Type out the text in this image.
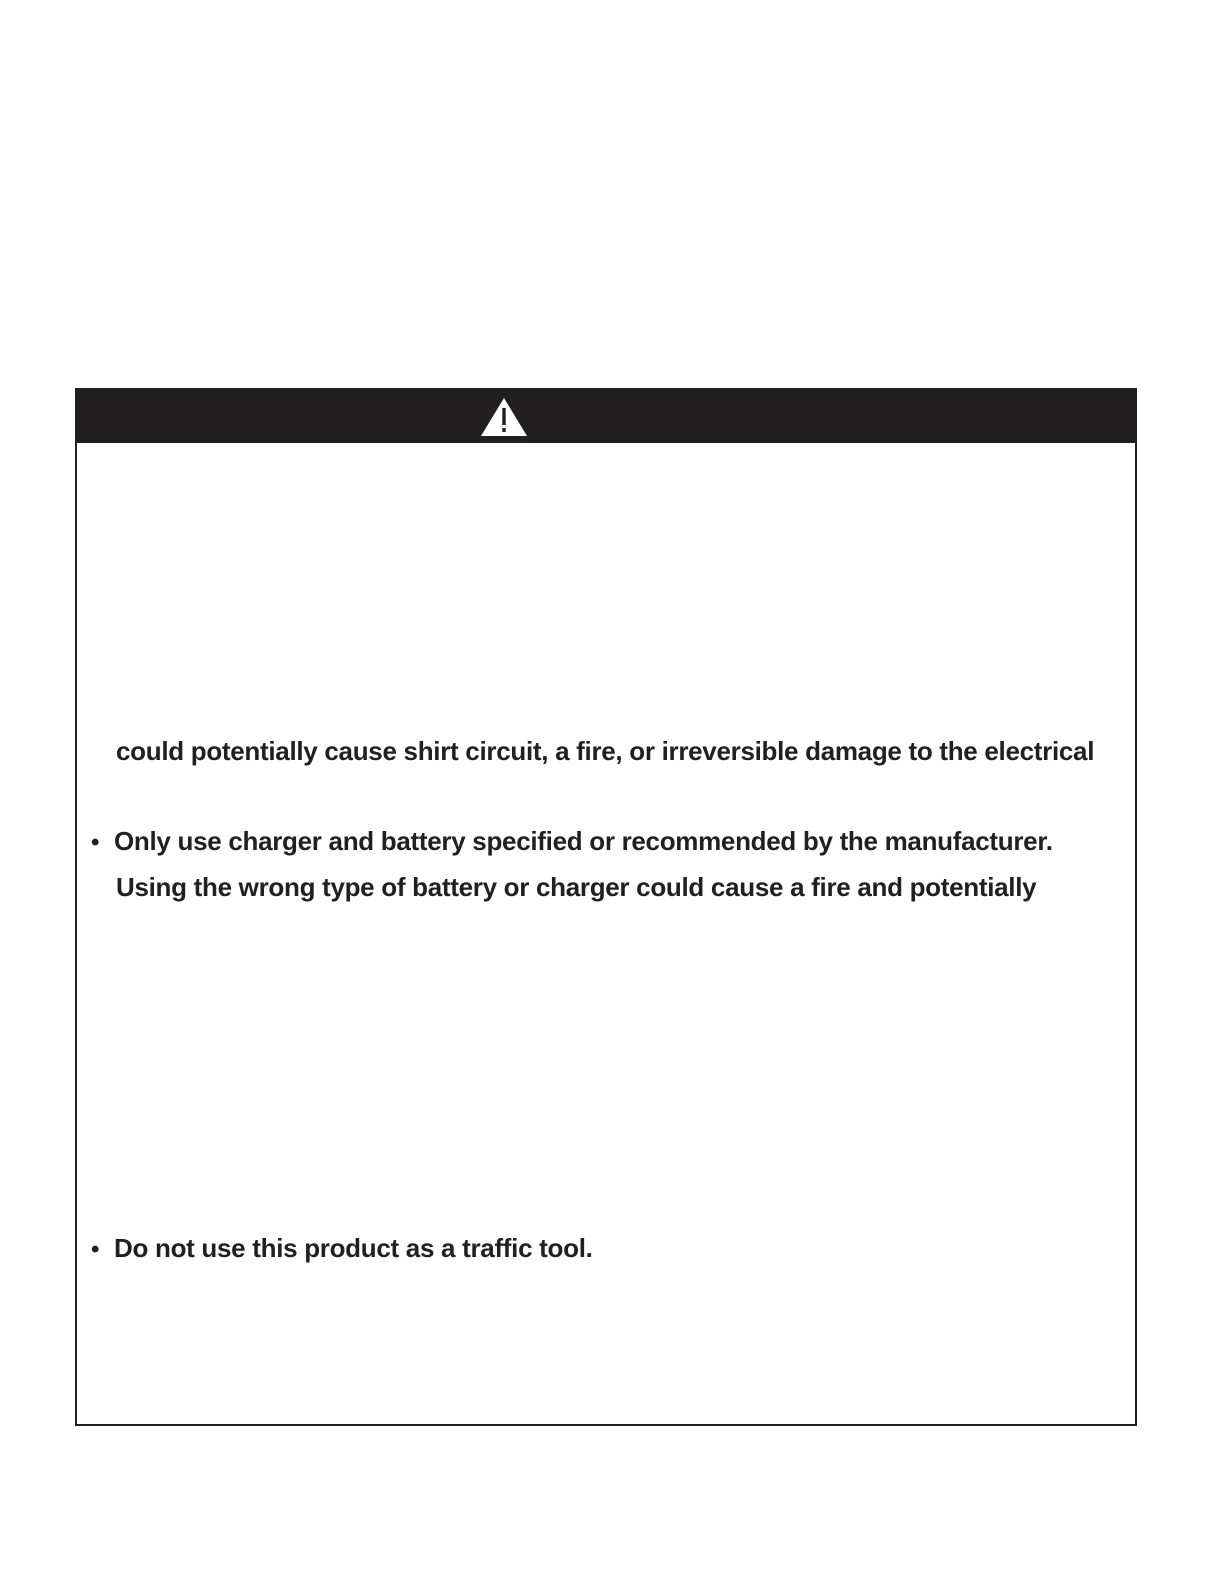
could potentially cause shirt circuit, a fire, or irreversible damage to the electrical
• Only use charger and battery specified or recommended by the manufacturer.
Using the wrong type of battery or charger could cause a fire and potentially
• Do not use this product as a traffic tool.
